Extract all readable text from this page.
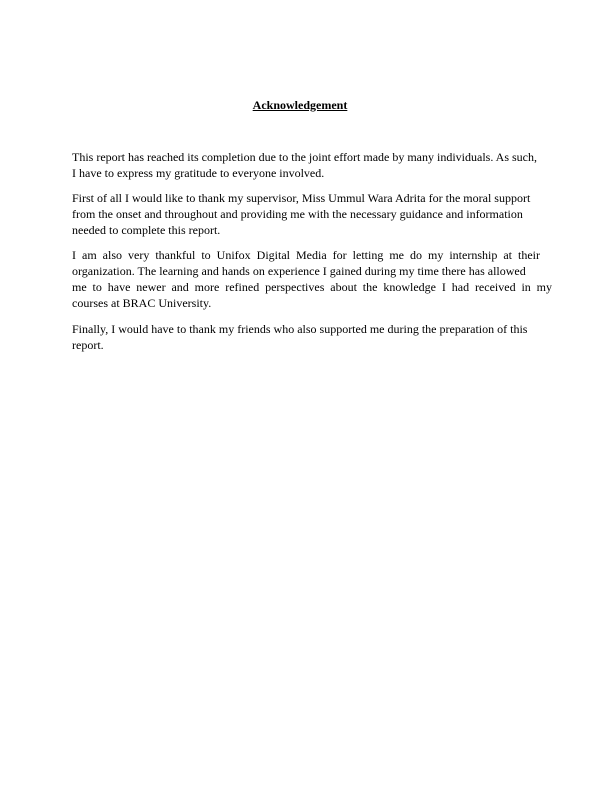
Acknowledgement
This report has reached its completion due to the joint effort made by many individuals. As such,
I have to express my gratitude to everyone involved.
First of all I would like to thank my supervisor, Miss Ummul Wara Adrita for the moral support
from the onset and throughout and providing me with the necessary guidance and information
needed to complete this report.
I am also very thankful to Unifox Digital Media for letting me do my internship at their
organization. The learning and hands on experience I gained during my time there has allowed
me to have newer and more refined perspectives about the knowledge I had received in my
courses at BRAC University.
Finally, I would have to thank my friends who also supported me during the preparation of this
report.
